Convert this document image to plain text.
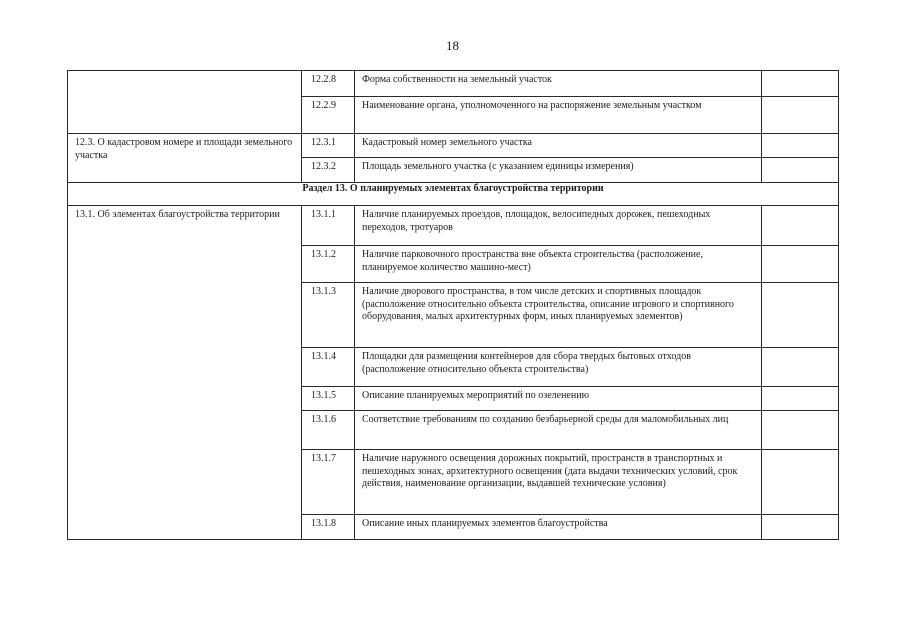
18

	12.2.8	Форма собственности на земельный участок	

	12.2.9	Наименование органа, уполномоченного на распоряжение земельным участком	

12.3. О кадастровом номере и площади земельного участка	12.3.1	Кадастровый номер земельного участка	

	12.3.2	Площадь земельного участка (с указанием единицы измерения)	

Раздел 13. О планируемых элементах благоустройства территории			

13.1. Об элементах благоустройства территории	13.1.1	Наличие планируемых проездов, площадок, велосипедных дорожек, пешеходных переходов, тротуаров	

	13.1.2	Наличие парковочного пространства вне объекта строительства (расположение, планируемое количество машино-мест)	

	13.1.3	Наличие дворового пространства, в том числе детских и спортивных площадок (расположение относительно объекта строительства, описание игрового и спортивного оборудования, малых архитектурных форм, иных планируемых элементов)	

	13.1.4	Площадки для размещения контейнеров для сбора твердых бытовых отходов (расположение относительно объекта строительства)	

	13.1.5	Описание планируемых мероприятий по озеленению	

	13.1.6	Соответствие требованиям по созданию безбарьерной среды для маломобильных лиц	

	13.1.7	Наличие наружного освещения дорожных покрытий, пространств в транспортных и пешеходных зонах, архитектурного освещения (дата выдачи технических условий, срок действия, наименование организации, выдавшей технические условия)	

	13.1.8	Описание иных планируемых элементов благоустройства	
